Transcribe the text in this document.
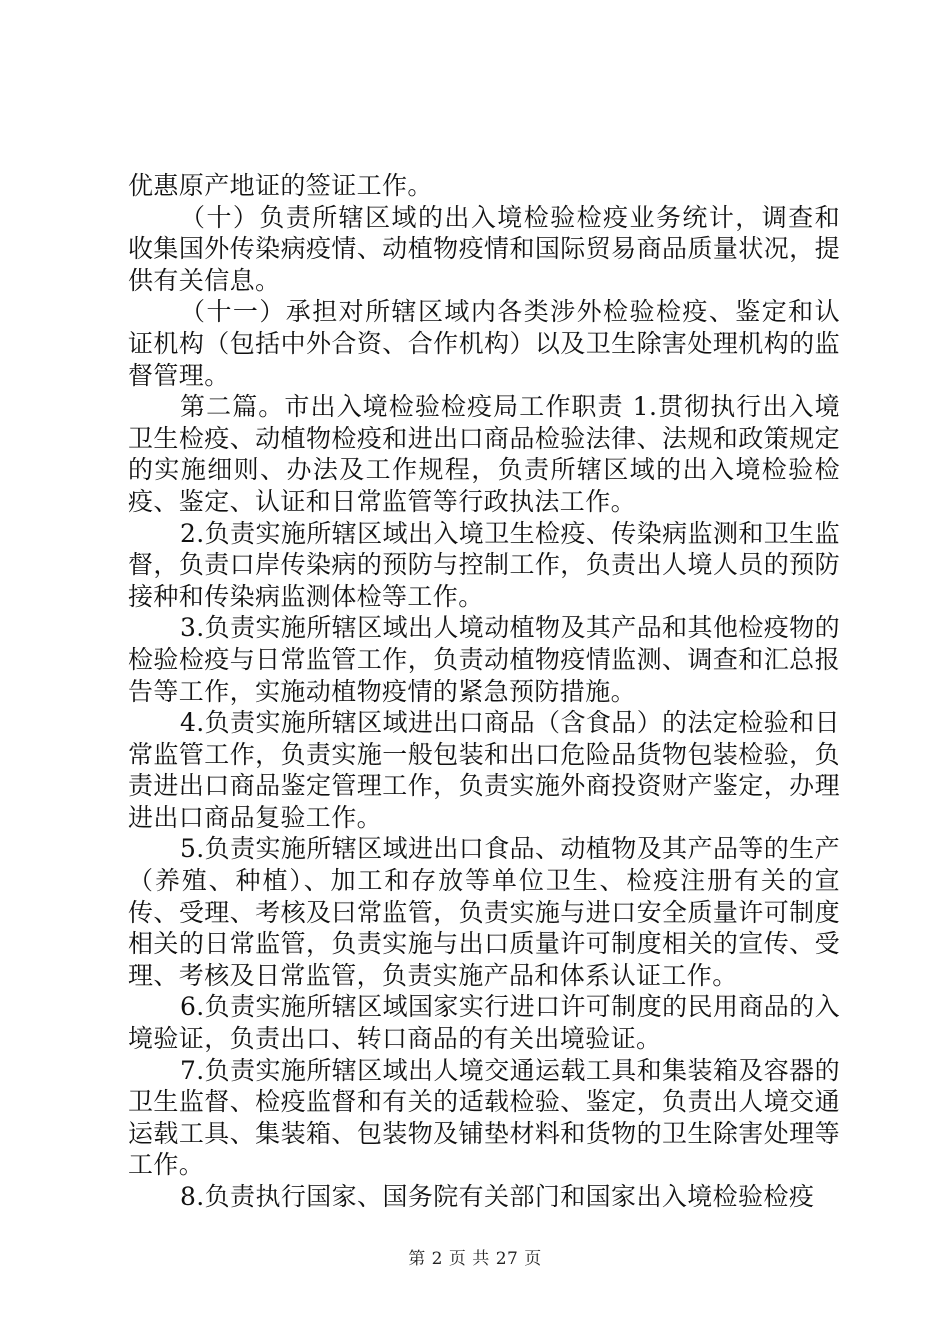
优惠原产地证的签证工作。

（十）负责所辖区域的出入境检验检疫业务统计，调查和收集国外传染病疫情、动植物疫情和国际贸易商品质量状况，提供有关信息。

（十一）承担对所辖区域内各类涉外检验检疫、鉴定和认证机构（包括中外合资、合作机构）以及卫生除害处理机构的监督管理。

第二篇。市出入境检验检疫局工作职责 1.贯彻执行出入境卫生检疫、动植物检疫和进出口商品检验法律、法规和政策规定的实施细则、办法及工作规程，负责所辖区域的出入境检验检疫、鉴定、认证和日常监管等行政执法工作。

2.负责实施所辖区域出入境卫生检疫、传染病监测和卫生监督，负责口岸传染病的预防与控制工作，负责出人境人员的预防接种和传染病监测体检等工作。

3.负责实施所辖区域出人境动植物及其产品和其他检疫物的检验检疫与日常监管工作，负责动植物疫情监测、调查和汇总报告等工作，实施动植物疫情的紧急预防措施。

4.负责实施所辖区域进出口商品（含食品）的法定检验和日常监管工作，负责实施一般包装和出口危险品货物包装检验，负责进出口商品鉴定管理工作，负责实施外商投资财产鉴定，办理进出口商品复验工作。

5.负责实施所辖区域进出口食品、动植物及其产品等的生产（养殖、种植）、加工和存放等单位卫生、检疫注册有关的宣传、受理、考核及曰常监管，负责实施与进口安全质量许可制度相关的日常监管，负责实施与出口质量许可制度相关的宣传、受理、考核及日常监管，负责实施产品和体系认证工作。

6.负责实施所辖区域国家实行进口许可制度的民用商品的入境验证，负责出口、转口商品的有关出境验证。

7.负责实施所辖区域出人境交通运载工具和集装箱及容器的卫生监督、检疫监督和有关的适载检验、鉴定，负责出人境交通运载工具、集装箱、包装物及铺垫材料和货物的卫生除害处理等工作。

8.负责执行国家、国务院有关部门和国家出入境检验检疫

第 2 页 共 27 页
